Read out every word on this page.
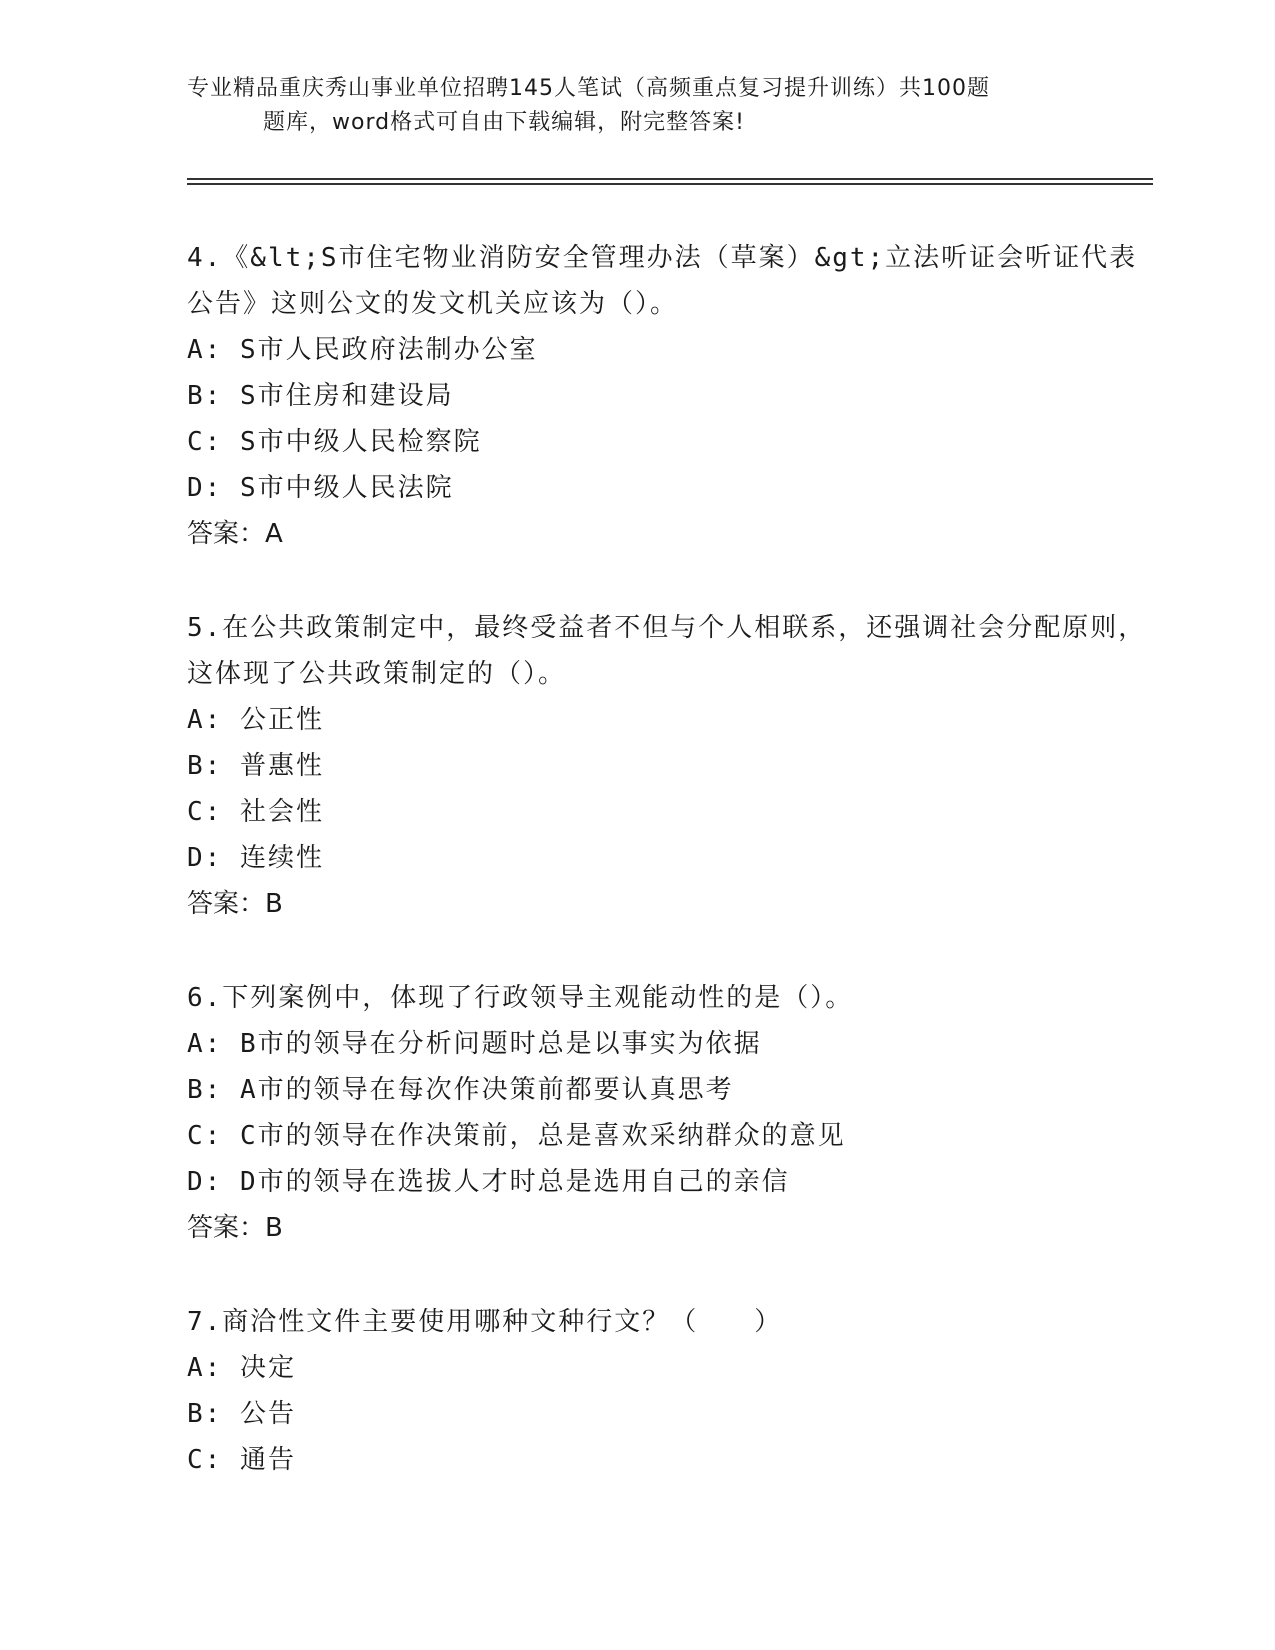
专业精品重庆秀山事业单位招聘145人笔试（高频重点复习提升训练）共100题
题库，word格式可自由下载编辑，附完整答案!
4.《&lt;S市住宅物业消防安全管理办法（草案）&gt;立法听证会听证代表公告》这则公文的发文机关应该为（）。
A: S市人民政府法制办公室
B: S市住房和建设局
C: S市中级人民检察院
D: S市中级人民法院
答案：A
5.在公共政策制定中，最终受益者不但与个人相联系，还强调社会分配原则，这体现了公共政策制定的（）。
A: 公正性
B: 普惠性
C: 社会性
D: 连续性
答案：B
6.下列案例中，体现了行政领导主观能动性的是（）。
A: B市的领导在分析问题时总是以事实为依据
B: A市的领导在每次作决策前都要认真思考
C: C市的领导在作决策前，总是喜欢采纳群众的意见
D: D市的领导在选拔人才时总是选用自己的亲信
答案：B
7.商洽性文件主要使用哪种文种行文？（　　）
A: 决定
B: 公告
C: 通告
